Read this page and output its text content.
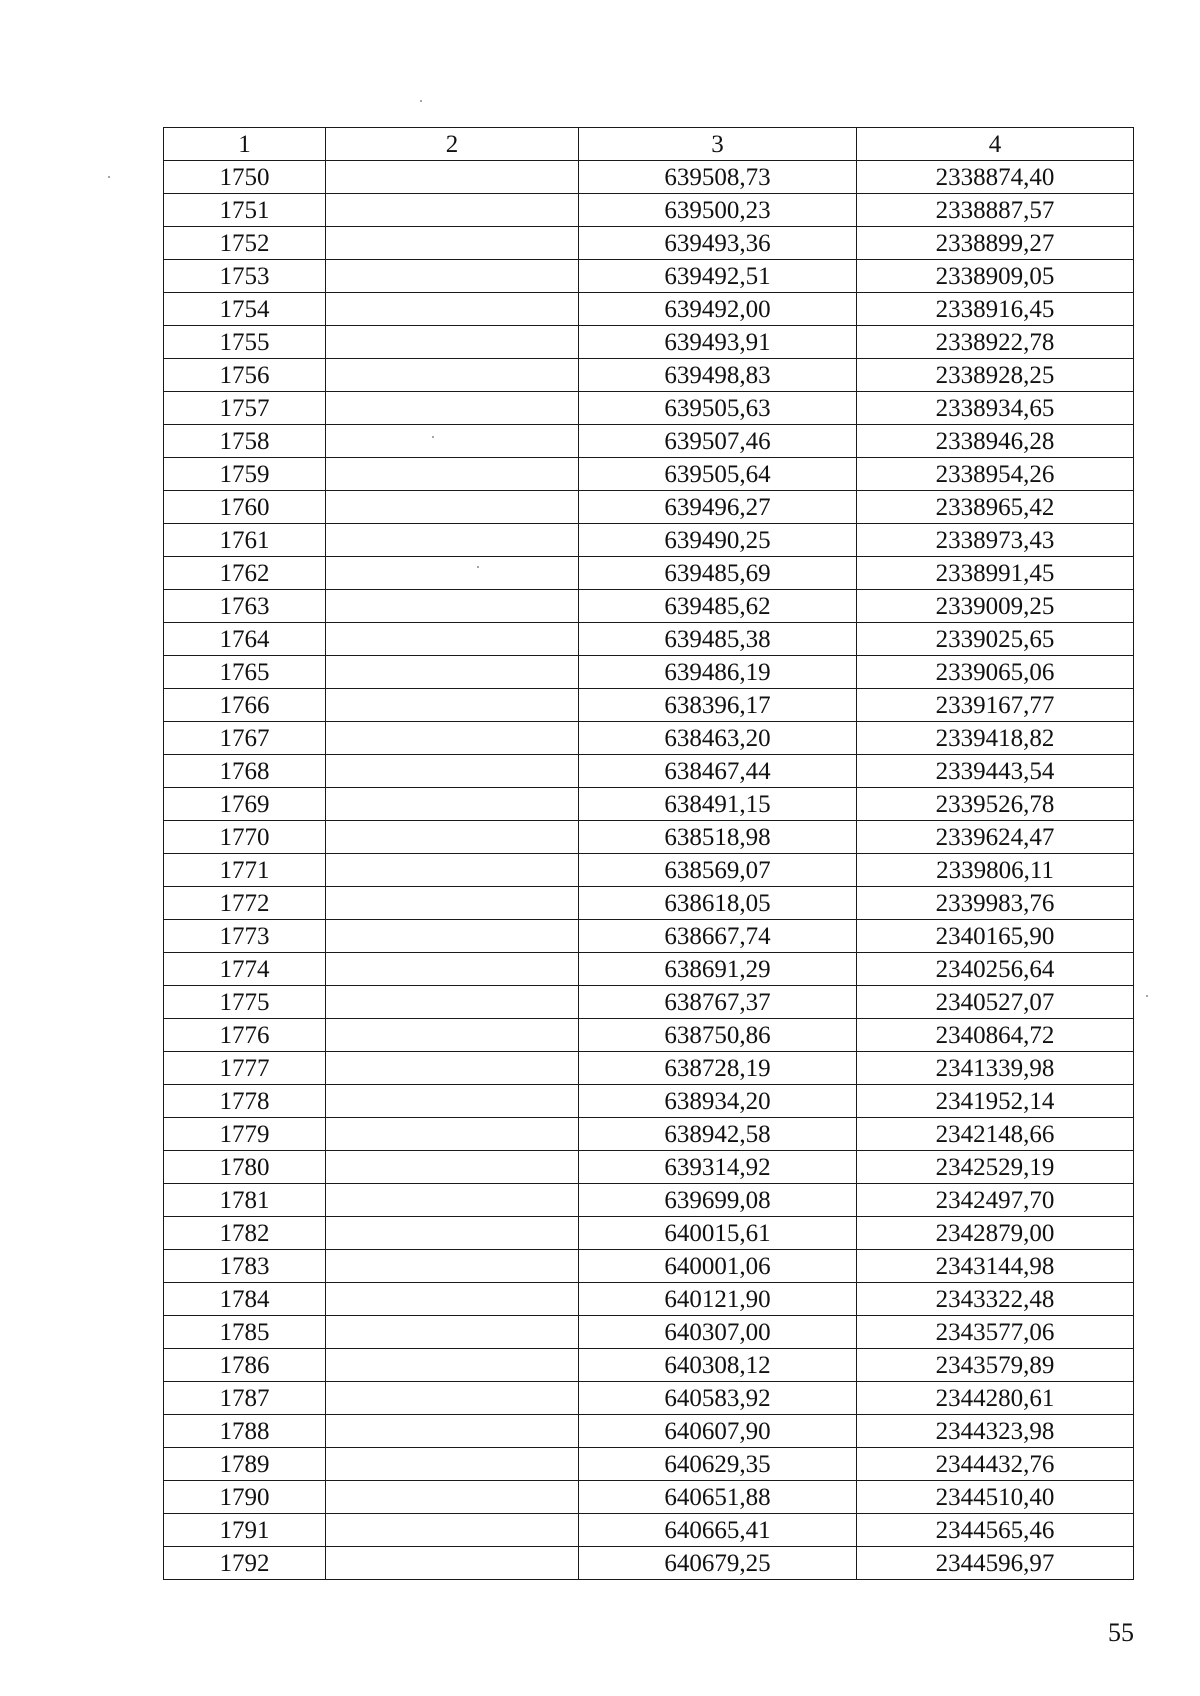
1	2	3	4
1750		639508,73	2338874,40
1751		639500,23	2338887,57
1752		639493,36	2338899,27
1753		639492,51	2338909,05
1754		639492,00	2338916,45
1755		639493,91	2338922,78
1756		639498,83	2338928,25
1757		639505,63	2338934,65
1758		639507,46	2338946,28
1759		639505,64	2338954,26
1760		639496,27	2338965,42
1761		639490,25	2338973,43
1762		639485,69	2338991,45
1763		639485,62	2339009,25
1764		639485,38	2339025,65
1765		639486,19	2339065,06
1766		638396,17	2339167,77
1767		638463,20	2339418,82
1768		638467,44	2339443,54
1769		638491,15	2339526,78
1770		638518,98	2339624,47
1771		638569,07	2339806,11
1772		638618,05	2339983,76
1773		638667,74	2340165,90
1774		638691,29	2340256,64
1775		638767,37	2340527,07
1776		638750,86	2340864,72
1777		638728,19	2341339,98
1778		638934,20	2341952,14
1779		638942,58	2342148,66
1780		639314,92	2342529,19
1781		639699,08	2342497,70
1782		640015,61	2342879,00
1783		640001,06	2343144,98
1784		640121,90	2343322,48
1785		640307,00	2343577,06
1786		640308,12	2343579,89
1787		640583,92	2344280,61
1788		640607,90	2344323,98
1789		640629,35	2344432,76
1790		640651,88	2344510,40
1791		640665,41	2344565,46
1792		640679,25	2344596,97
55
